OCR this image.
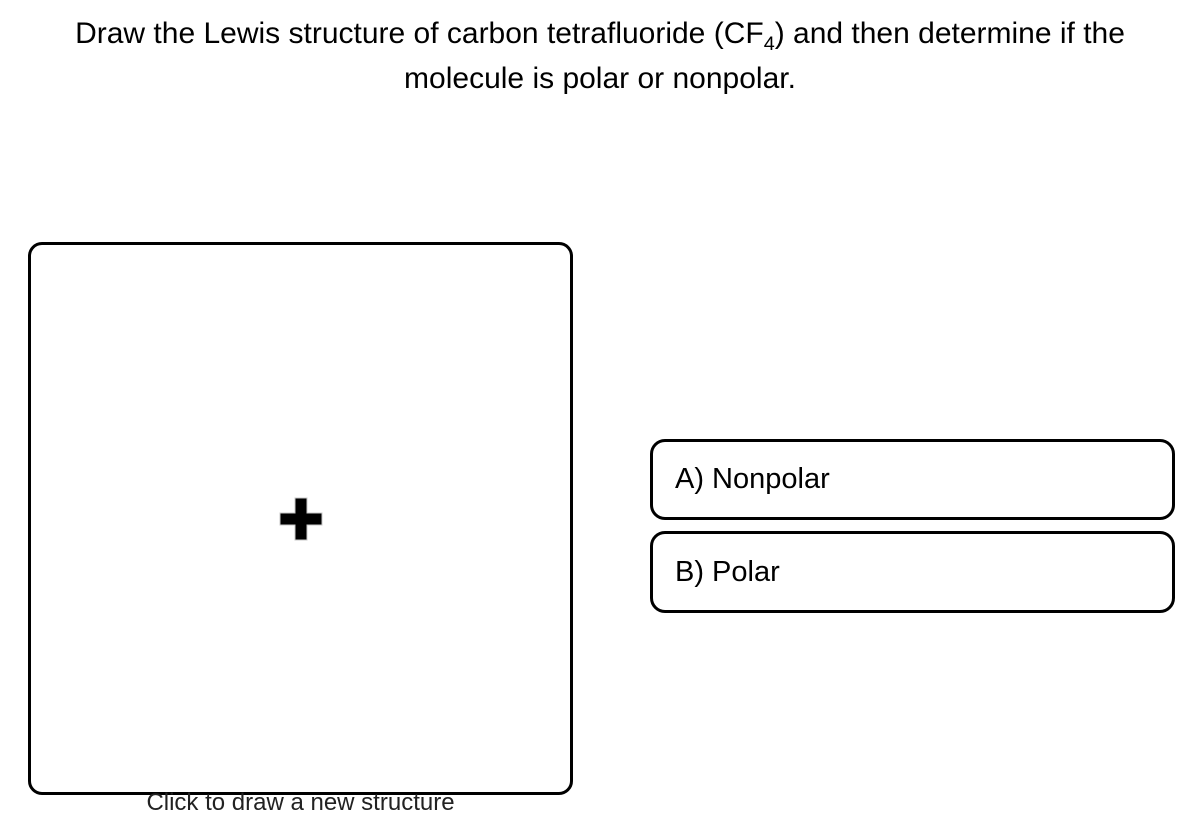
Draw the Lewis structure of carbon tetrafluoride $(CF_4)$ and then determine if the
molecule is polar or nonpolar.
Click to draw a new structure
A) Nonpolar
B) Polar
